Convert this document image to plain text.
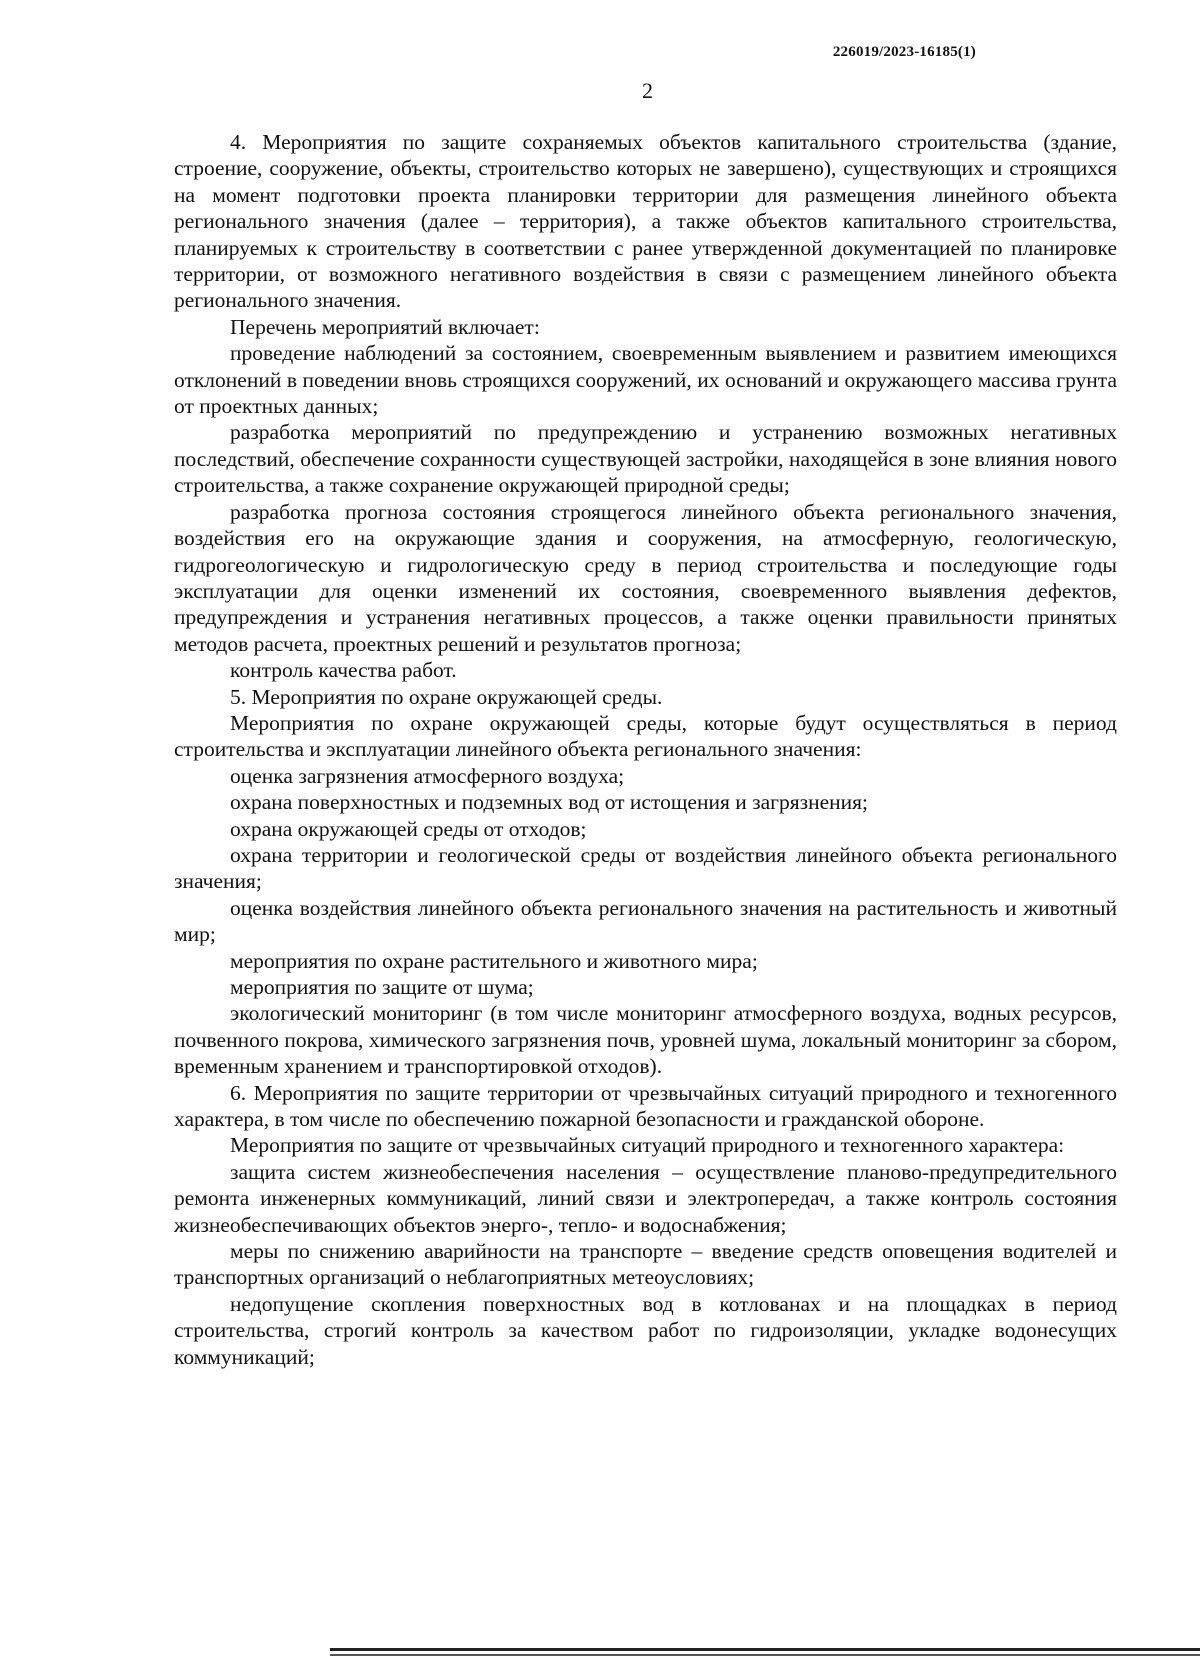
226019/2023-16185(1)
2

4. Мероприятия по защите сохраняемых объектов капитального строительства (здание, строение, сооружение, объекты, строительство которых не завершено), существующих и строящихся на момент подготовки проекта планировки территории для размещения линейного объекта регионального значения (далее – территория), а также объектов капитального строительства, планируемых к строительству в соответствии с ранее утвержденной документацией по планировке территории, от возможного негативного воздействия в связи с размещением линейного объекта регионального значения.

Перечень мероприятий включает:

проведение наблюдений за состоянием, своевременным выявлением и развитием имеющихся отклонений в поведении вновь строящихся сооружений, их оснований и окружающего массива грунта от проектных данных;

разработка мероприятий по предупреждению и устранению возможных негативных последствий, обеспечение сохранности существующей застройки, находящейся в зоне влияния нового строительства, а также сохранение окружающей природной среды;

разработка прогноза состояния строящегося линейного объекта регионального значения, воздействия его на окружающие здания и сооружения, на атмосферную, геологическую, гидрогеологическую и гидрологическую среду в период строительства и последующие годы эксплуатации для оценки изменений их состояния, своевременного выявления дефектов, предупреждения и устранения негативных процессов, а также оценки правильности принятых методов расчета, проектных решений и результатов прогноза;

контроль качества работ.

5. Мероприятия по охране окружающей среды.

Мероприятия по охране окружающей среды, которые будут осуществляться в период строительства и эксплуатации линейного объекта регионального значения:

оценка загрязнения атмосферного воздуха;

охрана поверхностных и подземных вод от истощения и загрязнения;

охрана окружающей среды от отходов;

охрана территории и геологической среды от воздействия линейного объекта регионального значения;

оценка воздействия линейного объекта регионального значения на растительность и животный мир;

мероприятия по охране растительного и животного мира;

мероприятия по защите от шума;

экологический мониторинг (в том числе мониторинг атмосферного воздуха, водных ресурсов, почвенного покрова, химического загрязнения почв, уровней шума, локальный мониторинг за сбором, временным хранением и транспортировкой отходов).

6. Мероприятия по защите территории от чрезвычайных ситуаций природного и техногенного характера, в том числе по обеспечению пожарной безопасности и гражданской обороне.

Мероприятия по защите от чрезвычайных ситуаций природного и техногенного характера:

защита систем жизнеобеспечения населения – осуществление планово-предупредительного ремонта инженерных коммуникаций, линий связи и электропередач, а также контроль состояния жизнеобеспечивающих объектов энерго-, тепло- и водоснабжения;

меры по снижению аварийности на транспорте – введение средств оповещения водителей и транспортных организаций о неблагоприятных метеоусловиях;

недопущение скопления поверхностных вод в котлованах и на площадках в период строительства, строгий контроль за качеством работ по гидроизоляции, укладке водонесущих коммуникаций;
